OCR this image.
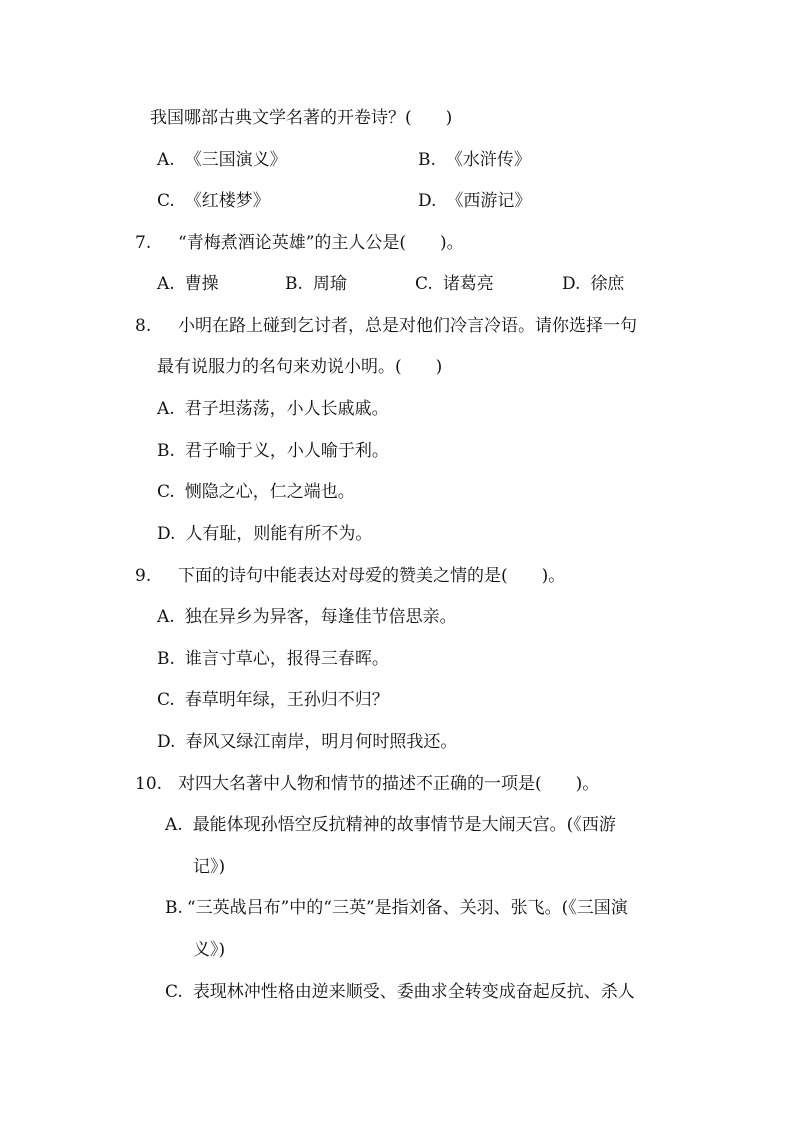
我国哪部古典文学名著的开卷诗？(　　)
A. 《三国演义》	B. 《水浒传》
C. 《红楼梦》	D. 《西游记》
7. “青梅煮酒论英雄”的主人公是(　　)。
A. 曹操	B. 周瑜	C. 诸葛亮	D. 徐庶
8. 小明在路上碰到乞讨者，总是对他们冷言冷语。请你选择一句
最有说服力的名句来劝说小明。(　　)
A. 君子坦荡荡，小人长戚戚。
B. 君子喻于义，小人喻于利。
C. 恻隐之心，仁之端也。
D. 人有耻，则能有所不为。
9. 下面的诗句中能表达对母爱的赞美之情的是(　　)。
A. 独在异乡为异客，每逢佳节倍思亲。
B. 谁言寸草心，报得三春晖。
C. 春草明年绿，王孙归不归？
D. 春风又绿江南岸，明月何时照我还。
10. 对四大名著中人物和情节的描述不正确的一项是(　　)。
A. 最能体现孙悟空反抗精神的故事情节是大闹天宫。(《西游
记》)
B. “三英战吕布”中的“三英”是指刘备、关羽、张飞。(《三国演
义》)
C. 表现林冲性格由逆来顺受、委曲求全转变成奋起反抗、杀人
